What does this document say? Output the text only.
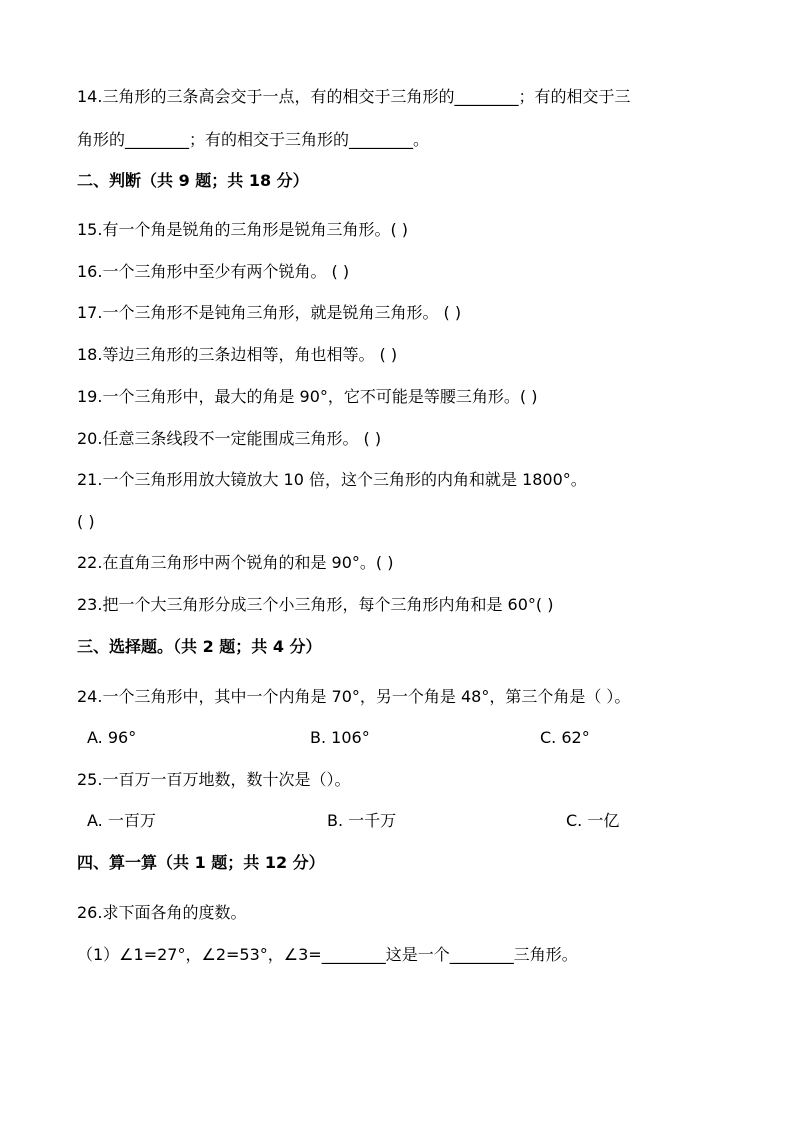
14.三角形的三条高会交于一点，有的相交于三角形的________；有的相交于三
角形的________；有的相交于三角形的________。
二、判断（共 9 题；共 18 分）
15.有一个角是锐角的三角形是锐角三角形。( )
16.一个三角形中至少有两个锐角。 ( )
17.一个三角形不是钝角三角形，就是锐角三角形。 ( )
18.等边三角形的三条边相等，角也相等。 ( )
19.一个三角形中，最大的角是 90°，它不可能是等腰三角形。( )
20.任意三条线段不一定能围成三角形。 ( )
21.一个三角形用放大镜放大 10 倍，这个三角形的内角和就是 1800°。
( )
22.在直角三角形中两个锐角的和是 90°。( )
23.把一个大三角形分成三个小三角形，每个三角形内角和是 60°( )
三、选择题。（共 2 题；共 4 分）
24.一个三角形中，其中一个内角是 70°，另一个角是 48°，第三个角是（ ）。
A. 96°	B. 106°	C. 62°
25.一百万一百万地数，数十次是（）。
A. 一百万	B. 一千万	C. 一亿
四、算一算（共 1 题；共 12 分）
26.求下面各角的度数。
（1）∠1=27°，∠2=53°，∠3=________这是一个________三角形。
